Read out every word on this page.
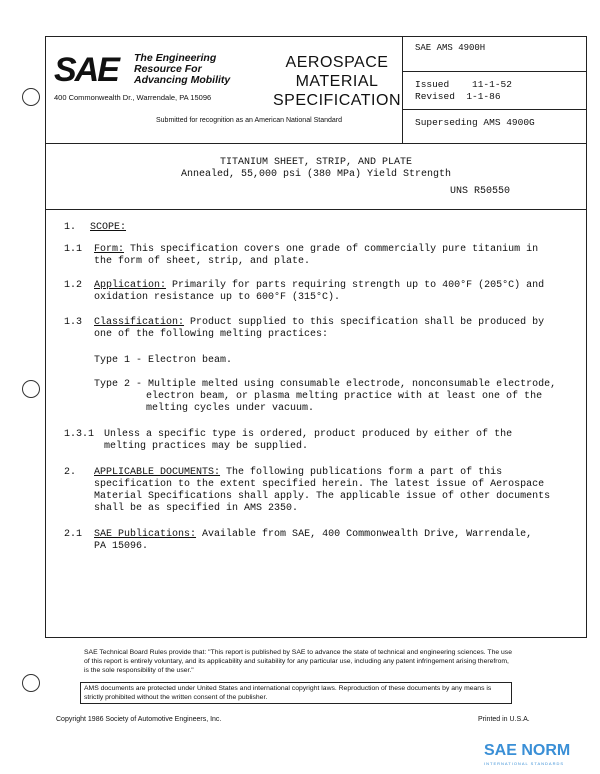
SAE The Engineering
Resource For
Advancing Mobility
400 Commonwealth Dr., Warrendale, PA 15096
AEROSPACE
MATERIAL
SPECIFICATION
Submitted for recognition as an American National Standard
SAE AMS 4900H
Issued 11-1-52
Revised 1-1-86
Superseding AMS 4900G
TITANIUM SHEET, STRIP, AND PLATE
Annealed, 55,000 psi (380 MPa) Yield Strength
UNS R50550
1. SCOPE:
1.1 Form: This specification covers one grade of commercially pure titanium in
the form of sheet, strip, and plate.
1.2 Application: Primarily for parts requiring strength up to 400°F (205°C) and
oxidation resistance up to 600°F (315°C).
1.3 Classification: Product supplied to this specification shall be produced by
one of the following melting practices:
Type 1 - Electron beam.
Type 2 - Multiple melted using consumable electrode, nonconsumable electrode,
electron beam, or plasma melting practice with at least one of the
melting cycles under vacuum.
1.3.1 Unless a specific type is ordered, product produced by either of the
melting practices may be supplied.
2. APPLICABLE DOCUMENTS: The following publications form a part of this
specification to the extent specified herein. The latest issue of Aerospace
Material Specifications shall apply. The applicable issue of other documents
shall be as specified in AMS 2350.
2.1 SAE Publications: Available from SAE, 400 Commonwealth Drive, Warrendale,
PA 15096.
SAE Technical Board Rules provide that: "This report is published by SAE to advance the state of technical and engineering sciences. The use of this report is entirely voluntary, and its applicability and suitability for any particular use, including any patent infringement arising therefrom, is the sole responsibility of the user."
AMS documents are protected under United States and international copyright laws. Reproduction of these documents by any means is strictly prohibited without the written consent of the publisher.
Copyright 1986 Society of Automotive Engineers, Inc.	Printed in U.S.A.
SAE NORM
INTERNATIONAL STANDARDS
